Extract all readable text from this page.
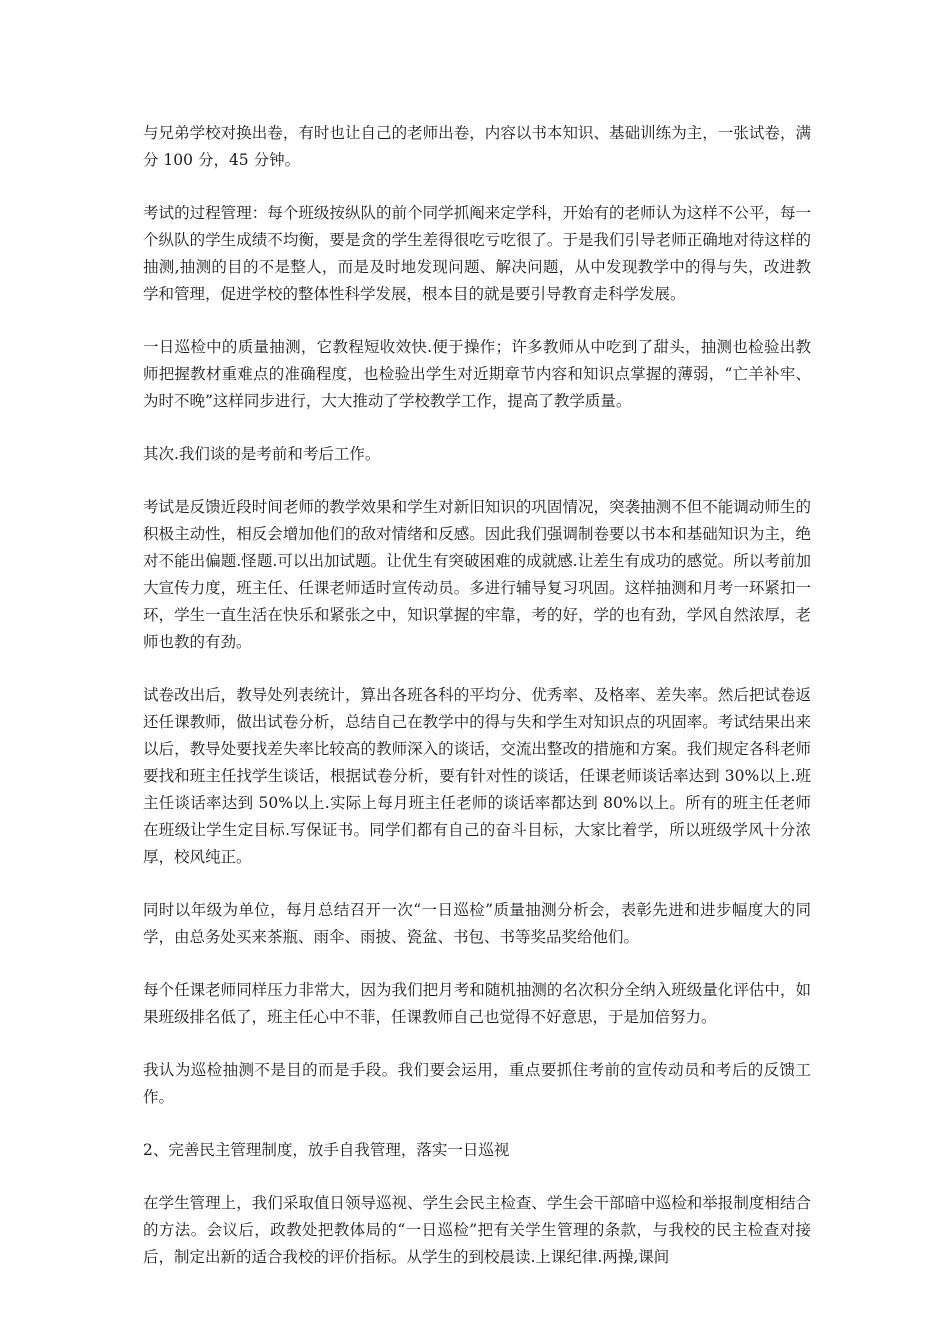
与兄弟学校对换出卷，有时也让自己的老师出卷，内容以书本知识、基础训练为主，一张试卷，满分 100 分，45 分钟。

考试的过程管理：每个班级按纵队的前个同学抓阄来定学科，开始有的老师认为这样不公平，每一个纵队的学生成绩不均衡，要是贪的学生差得很吃亏吃很了。于是我们引导老师正确地对待这样的抽测,抽测的目的不是整人，而是及时地发现问题、解决问题，从中发现教学中的得与失，改进教学和管理，促进学校的整体性科学发展，根本目的就是要引导教育走科学发展。

一日巡检中的质量抽测，它教程短收效快.便于操作；许多教师从中吃到了甜头，抽测也检验出教师把握教材重难点的准确程度，也检验出学生对近期章节内容和知识点掌握的薄弱，“亡羊补牢、为时不晚”这样同步进行，大大推动了学校教学工作，提高了教学质量。

其次.我们谈的是考前和考后工作。

考试是反馈近段时间老师的教学效果和学生对新旧知识的巩固情况，突袭抽测不但不能调动师生的积极主动性，相反会增加他们的敌对情绪和反感。因此我们强调制卷要以书本和基础知识为主，绝对不能出偏题.怪题.可以出加试题。让优生有突破困难的成就感.让差生有成功的感觉。所以考前加大宣传力度，班主任、任课老师适时宣传动员。多进行辅导复习巩固。这样抽测和月考一环紧扣一环，学生一直生活在快乐和紧张之中，知识掌握的牢靠，考的好，学的也有劲，学风自然浓厚，老师也教的有劲。

试卷改出后，教导处列表统计，算出各班各科的平均分、优秀率、及格率、差失率。然后把试卷返还任课教师，做出试卷分析，总结自己在教学中的得与失和学生对知识点的巩固率。考试结果出来以后，教导处要找差失率比较高的教师深入的谈话，交流出整改的措施和方案。我们规定各科老师要找和班主任找学生谈话，根据试卷分析，要有针对性的谈话，任课老师谈话率达到 30%以上.班主任谈话率达到 50%以上.实际上每月班主任老师的谈话率都达到 80%以上。所有的班主任老师在班级让学生定目标.写保证书。同学们都有自己的奋斗目标，大家比着学，所以班级学风十分浓厚，校风纯正。

同时以年级为单位，每月总结召开一次“一日巡检”质量抽测分析会，表彰先进和进步幅度大的同学，由总务处买来茶瓶、雨伞、雨披、瓷盆、书包、书等奖品奖给他们。

每个任课老师同样压力非常大，因为我们把月考和随机抽测的名次积分全纳入班级量化评估中，如果班级排名低了，班主任心中不菲，任课教师自己也觉得不好意思，于是加倍努力。

我认为巡检抽测不是目的而是手段。我们要会运用，重点要抓住考前的宣传动员和考后的反馈工作。

2、完善民主管理制度，放手自我管理，落实一日巡视

在学生管理上，我们采取值日领导巡视、学生会民主检查、学生会干部暗中巡检和举报制度相结合的方法。会议后，政教处把教体局的“一日巡检”把有关学生管理的条款，与我校的民主检查对接后，制定出新的适合我校的评价指标。从学生的到校晨读.上课纪律.两操,课间
